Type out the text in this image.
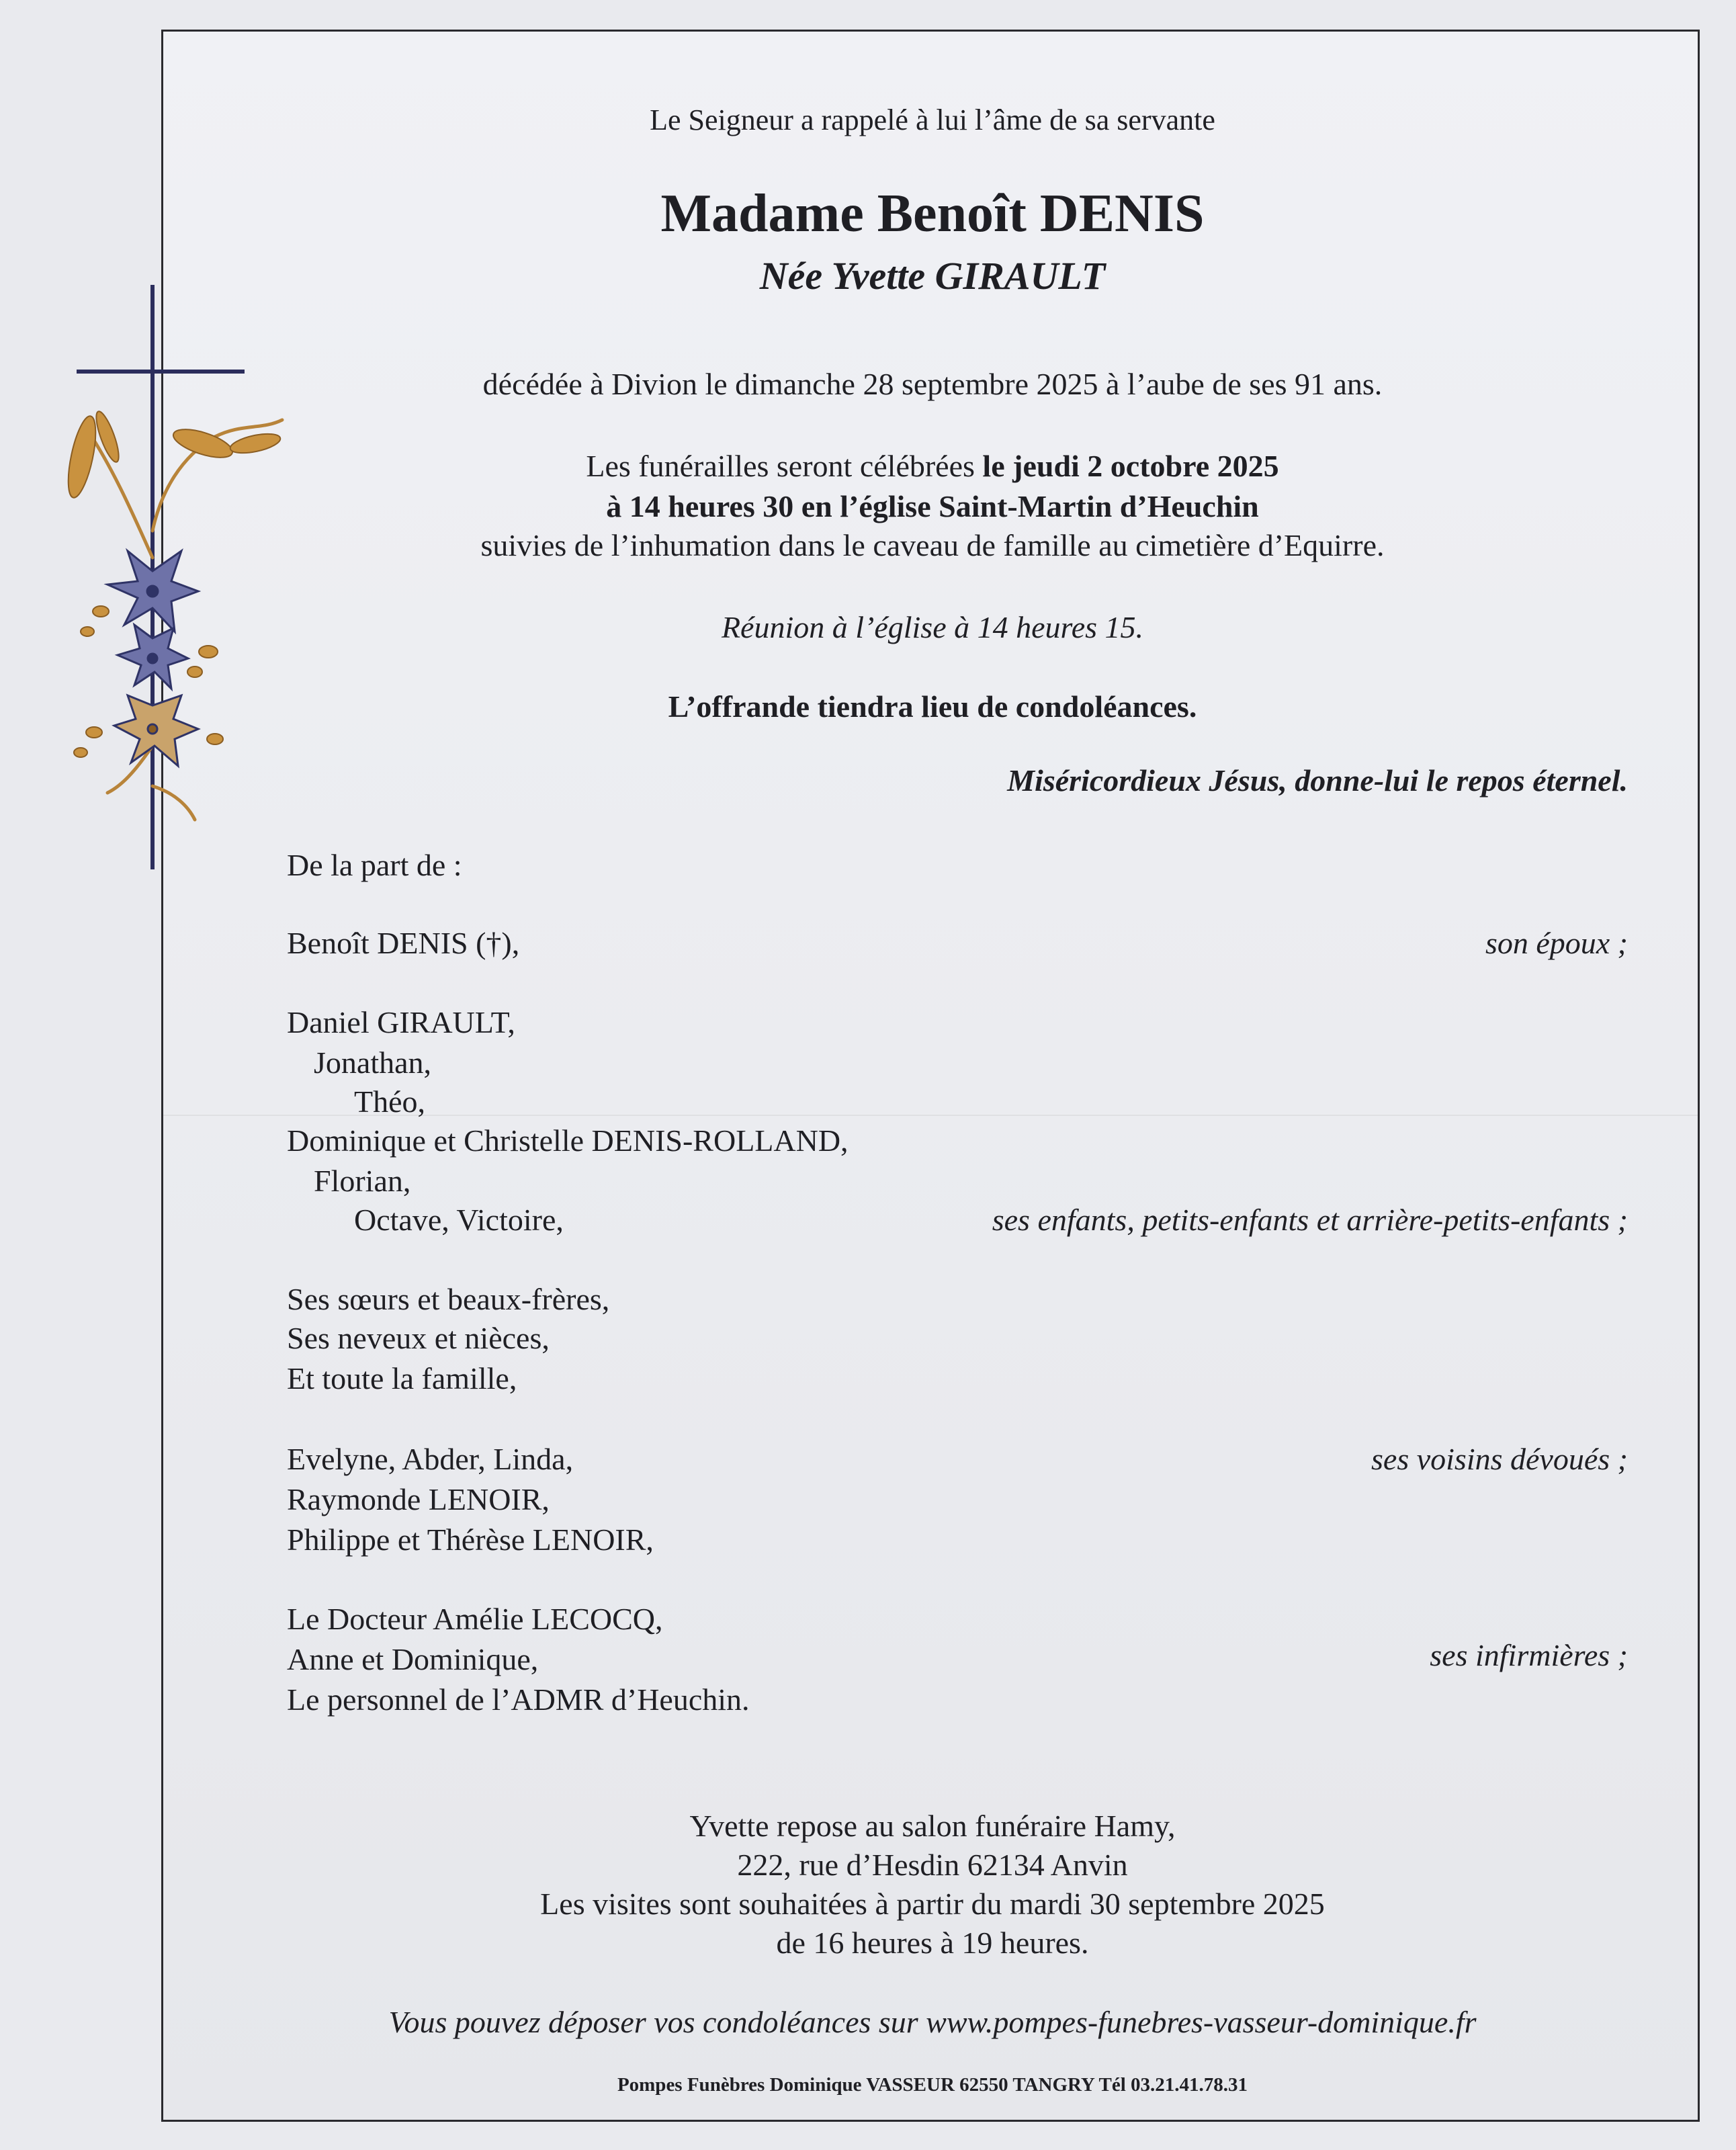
Le Seigneur a rappelé à lui l’âme de sa servante
Madame Benoît DENIS
Née Yvette GIRAULT
décédée à Divion le dimanche 28 septembre 2025 à l’aube de ses 91 ans.
Les funérailles seront célébrées le jeudi 2 octobre 2025
à 14 heures 30 en l’église Saint-Martin d’Heuchin
suivies de l’inhumation dans le caveau de famille au cimetière d’Equirre.
Réunion à l’église à 14 heures 15.
L’offrande tiendra lieu de condoléances.
Miséricordieux Jésus, donne-lui le repos éternel.
De la part de :
Benoît DENIS (†),	son époux ;
Daniel GIRAULT,
Jonathan,
Théo,
Dominique et Christelle DENIS-ROLLAND,
Florian,
Octave, Victoire,	ses enfants, petits-enfants et arrière-petits-enfants ;
Ses sœurs et beaux-frères,
Ses neveux et nièces,
Et toute la famille,
Evelyne, Abder, Linda,	ses voisins dévoués ;
Raymonde LENOIR,
Philippe et Thérèse LENOIR,
Le Docteur Amélie LECOCQ,
Anne et Dominique,	ses infirmières ;
Le personnel de l’ADMR d’Heuchin.
Yvette repose au salon funéraire Hamy,
222, rue d’Hesdin 62134 Anvin
Les visites sont souhaitées à partir du mardi 30 septembre 2025
de 16 heures à 19 heures.
Vous pouvez déposer vos condoléances sur www.pompes-funebres-vasseur-dominique.fr
Pompes Funèbres Dominique VASSEUR 62550 TANGRY Tél 03.21.41.78.31
